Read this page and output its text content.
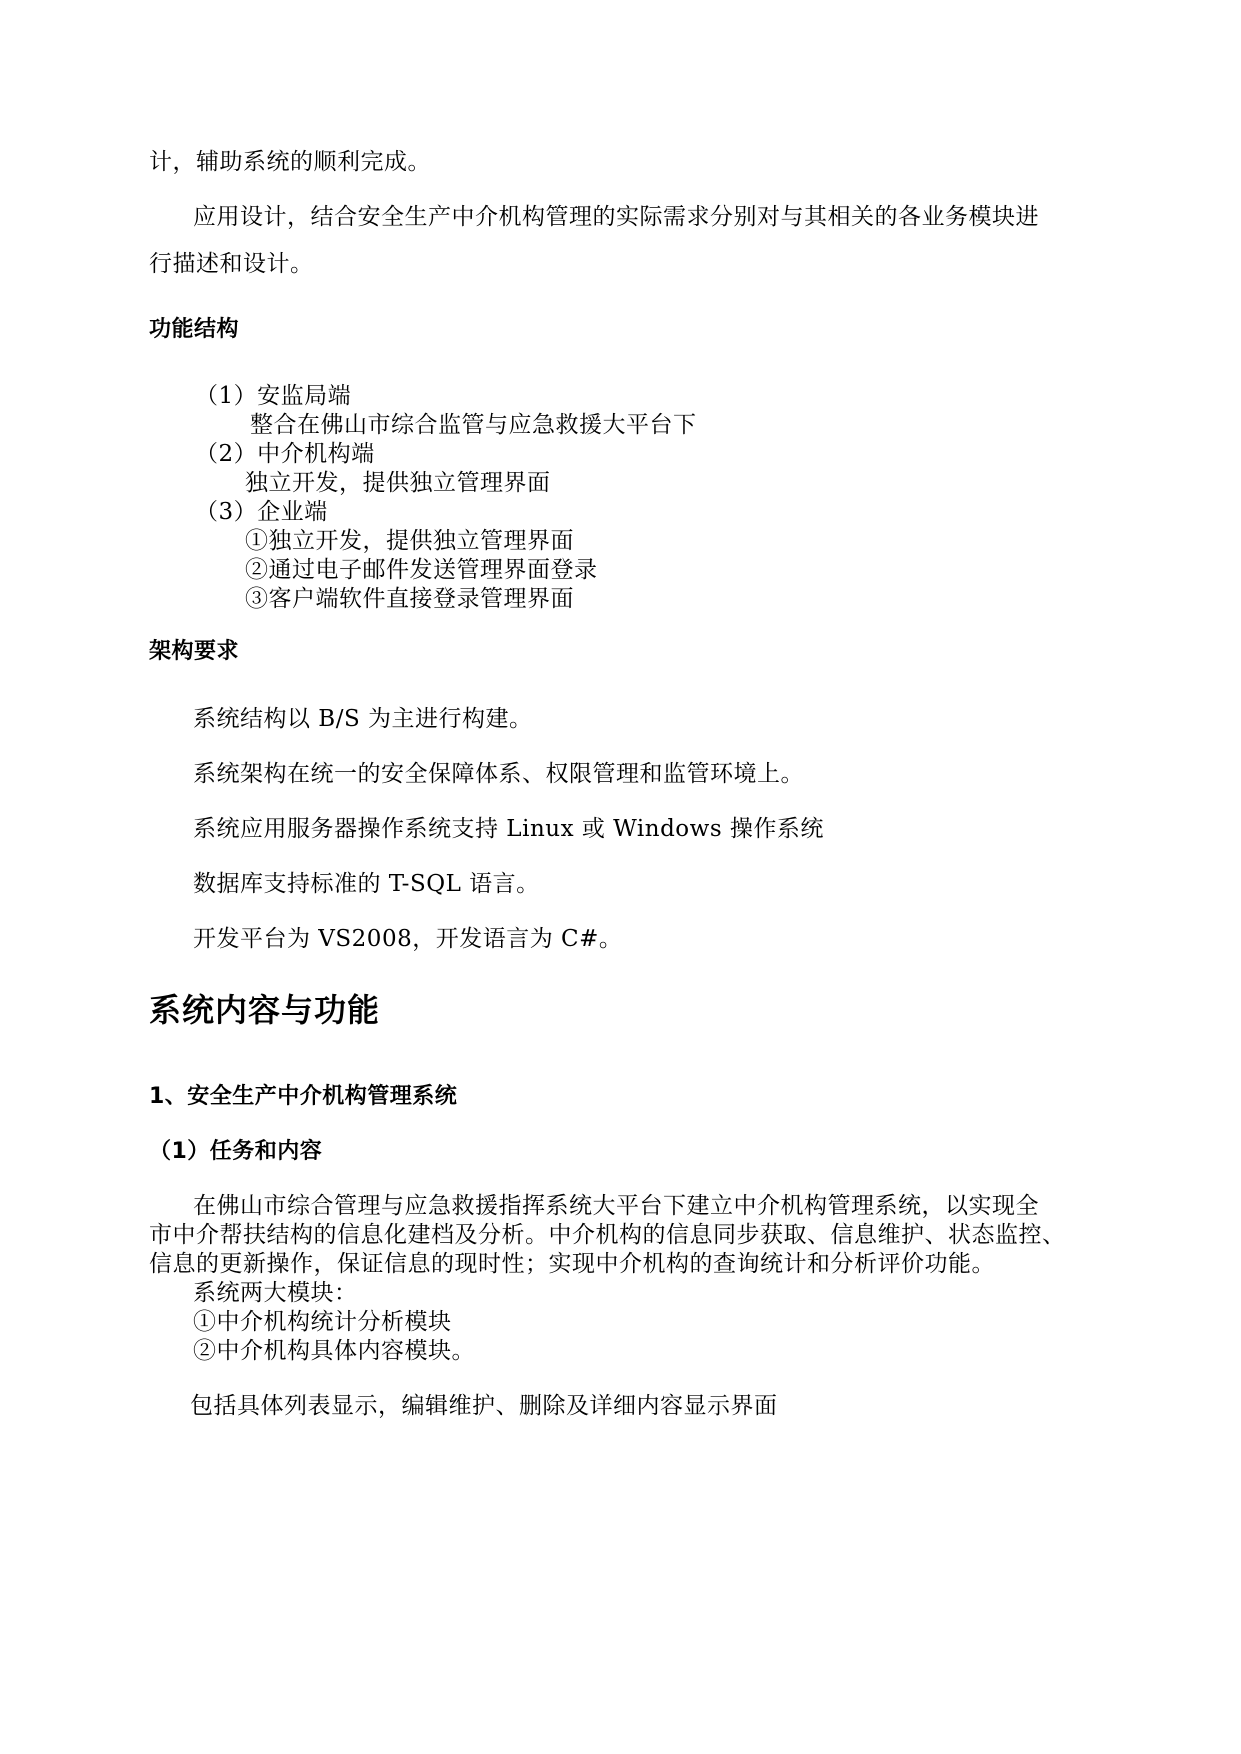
计，辅助系统的顺利完成。
应用设计，结合安全生产中介机构管理的实际需求分别对与其相关的各业务模块进
行描述和设计。
功能结构
（1）安监局端
整合在佛山市综合监管与应急救援大平台下
（2）中介机构端
独立开发，提供独立管理界面
（3）企业端
①独立开发，提供独立管理界面
②通过电子邮件发送管理界面登录
③客户端软件直接登录管理界面
架构要求
系统结构以 B/S 为主进行构建。
系统架构在统一的安全保障体系、权限管理和监管环境上。
系统应用服务器操作系统支持 Linux 或 Windows 操作系统
数据库支持标准的 T-SQL 语言。
开发平台为 VS2008，开发语言为 C#。
系统内容与功能
1、安全生产中介机构管理系统
（1）任务和内容
在佛山市综合管理与应急救援指挥系统大平台下建立中介机构管理系统，以实现全
市中介帮扶结构的信息化建档及分析。中介机构的信息同步获取、信息维护、状态监控、
信息的更新操作，保证信息的现时性；实现中介机构的查询统计和分析评价功能。
系统两大模块：
①中介机构统计分析模块
②中介机构具体内容模块。
包括具体列表显示，编辑维护、删除及详细内容显示界面
